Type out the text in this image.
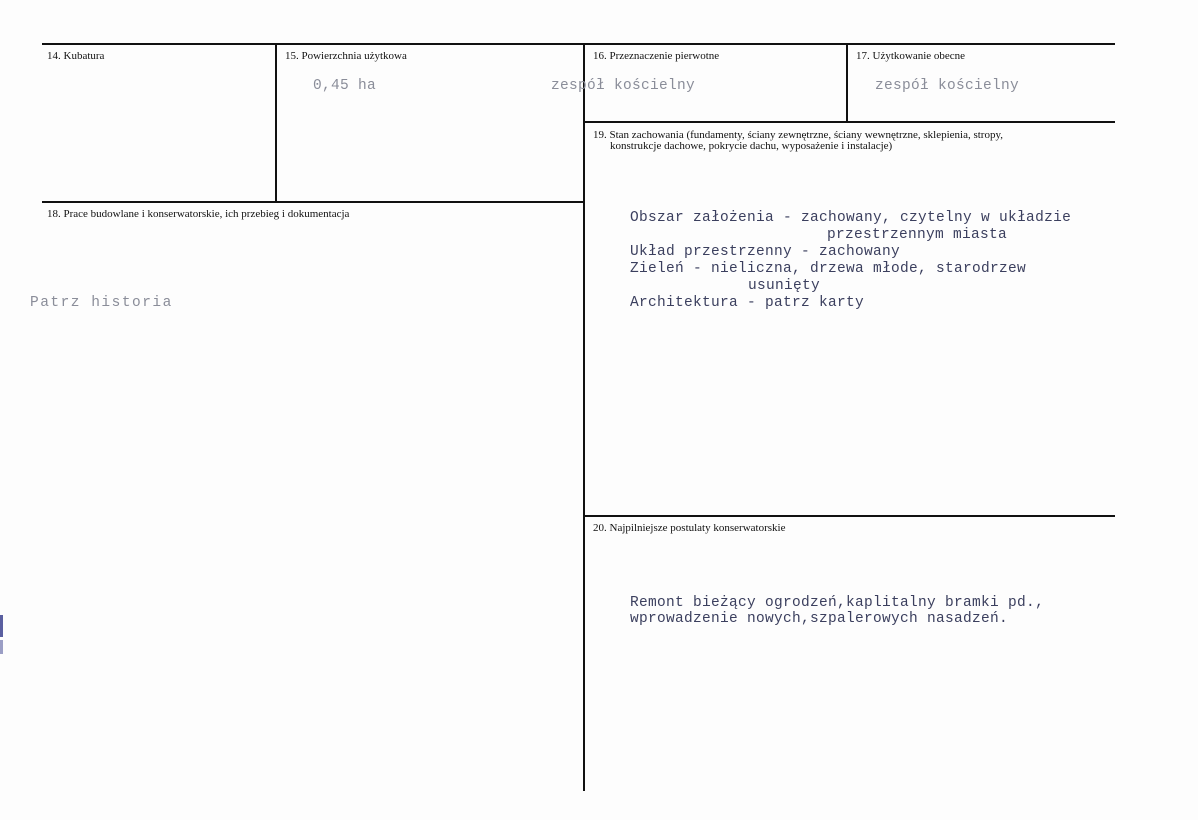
14. Kubatura	15. Powierzchnia użytkowa
0,45 ha
16. Przeznaczenie pierwotne
zespół kościelny
17. Użytkowanie obecne
zespół kościelny
18. Prace budowlane i konserwatorskie, ich przebieg i dokumentacja
Patrz historia
19. Stan zachowania (fundamenty, ściany zewnętrzne, ściany wewnętrzne, sklepienia, stropy,
konstrukcje dachowe, pokrycie dachu, wyposażenie i instalacje)
Obszar założenia - zachowany, czytelny w układzie
przestrzennym miasta
Układ przestrzenny - zachowany
Zieleń - nieliczna, drzewa młode, starodrzew
usunięty
Architektura - patrz karty
20. Najpilniejsze postulaty konserwatorskie
Remont bieżący ogrodzeń,kaplitalny bramki pd.,
wprowadzenie nowych,szpalerowych nasadzeń.
